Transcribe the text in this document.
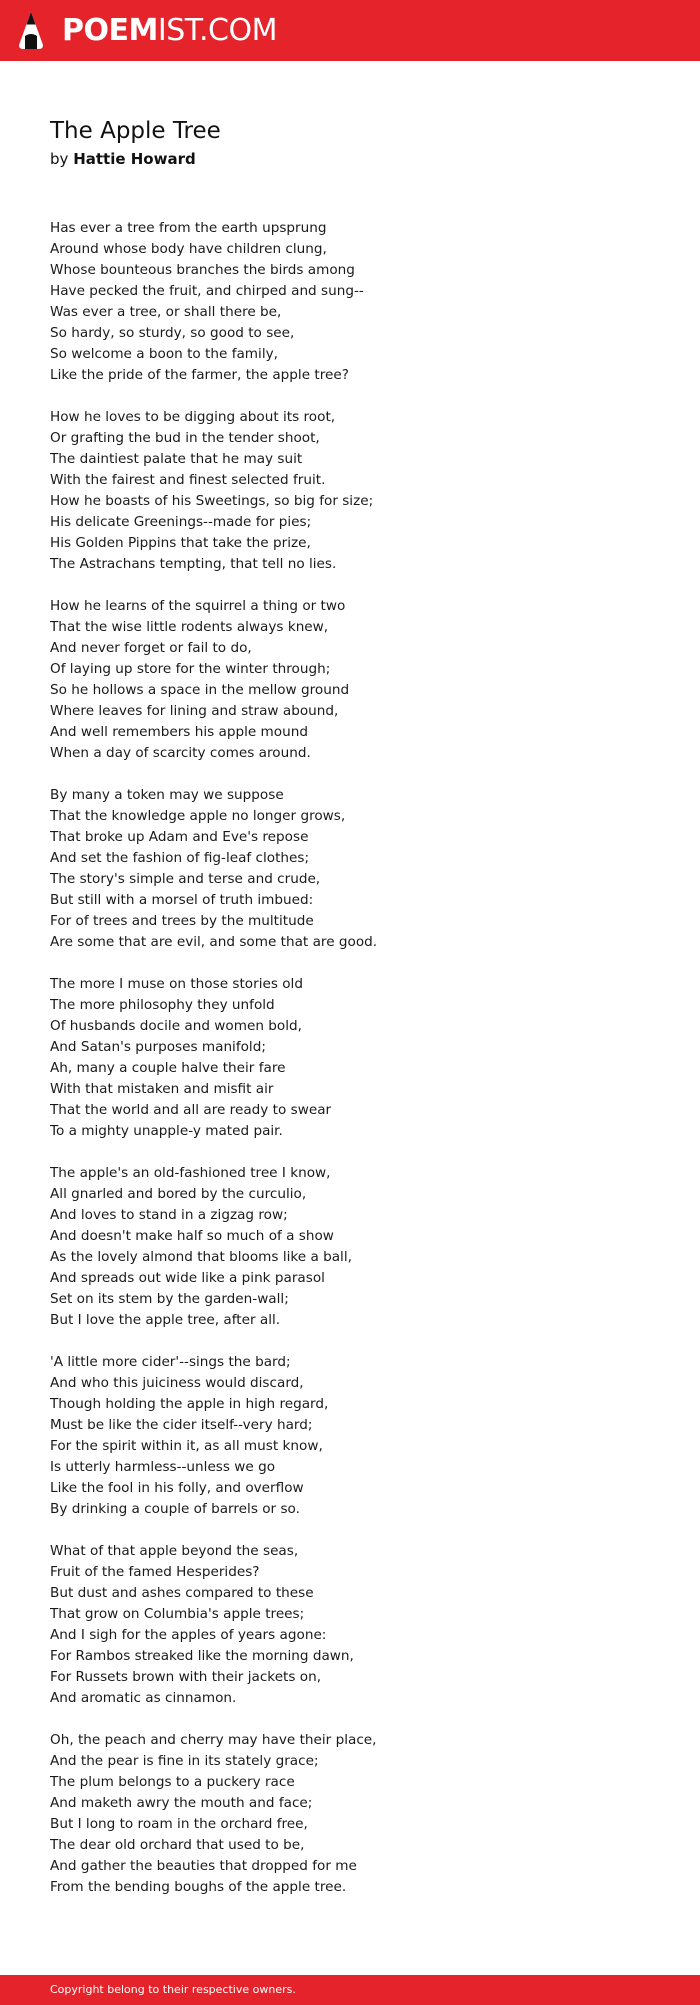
POEMIST.COM
The Apple Tree
by Hattie Howard
Has ever a tree from the earth upsprung
Around whose body have children clung,
Whose bounteous branches the birds among
Have pecked the fruit, and chirped and sung--
Was ever a tree, or shall there be,
So hardy, so sturdy, so good to see,
So welcome a boon to the family,
Like the pride of the farmer, the apple tree?
How he loves to be digging about its root,
Or grafting the bud in the tender shoot,
The daintiest palate that he may suit
With the fairest and finest selected fruit.
How he boasts of his Sweetings, so big for size;
His delicate Greenings--made for pies;
His Golden Pippins that take the prize,
The Astrachans tempting, that tell no lies.
How he learns of the squirrel a thing or two
That the wise little rodents always knew,
And never forget or fail to do,
Of laying up store for the winter through;
So he hollows a space in the mellow ground
Where leaves for lining and straw abound,
And well remembers his apple mound
When a day of scarcity comes around.
By many a token may we suppose
That the knowledge apple no longer grows,
That broke up Adam and Eve's repose
And set the fashion of fig-leaf clothes;
The story's simple and terse and crude,
But still with a morsel of truth imbued:
For of trees and trees by the multitude
Are some that are evil, and some that are good.
The more I muse on those stories old
The more philosophy they unfold
Of husbands docile and women bold,
And Satan's purposes manifold;
Ah, many a couple halve their fare
With that mistaken and misfit air
That the world and all are ready to swear
To a mighty unapple-y mated pair.
The apple's an old-fashioned tree I know,
All gnarled and bored by the curculio,
And loves to stand in a zigzag row;
And doesn't make half so much of a show
As the lovely almond that blooms like a ball,
And spreads out wide like a pink parasol
Set on its stem by the garden-wall;
But I love the apple tree, after all.
'A little more cider'--sings the bard;
And who this juiciness would discard,
Though holding the apple in high regard,
Must be like the cider itself--very hard;
For the spirit within it, as all must know,
Is utterly harmless--unless we go
Like the fool in his folly, and overflow
By drinking a couple of barrels or so.
What of that apple beyond the seas,
Fruit of the famed Hesperides?
But dust and ashes compared to these
That grow on Columbia's apple trees;
And I sigh for the apples of years agone:
For Rambos streaked like the morning dawn,
For Russets brown with their jackets on,
And aromatic as cinnamon.
Oh, the peach and cherry may have their place,
And the pear is fine in its stately grace;
The plum belongs to a puckery race
And maketh awry the mouth and face;
But I long to roam in the orchard free,
The dear old orchard that used to be,
And gather the beauties that dropped for me
From the bending boughs of the apple tree.
Copyright belong to their respective owners.
